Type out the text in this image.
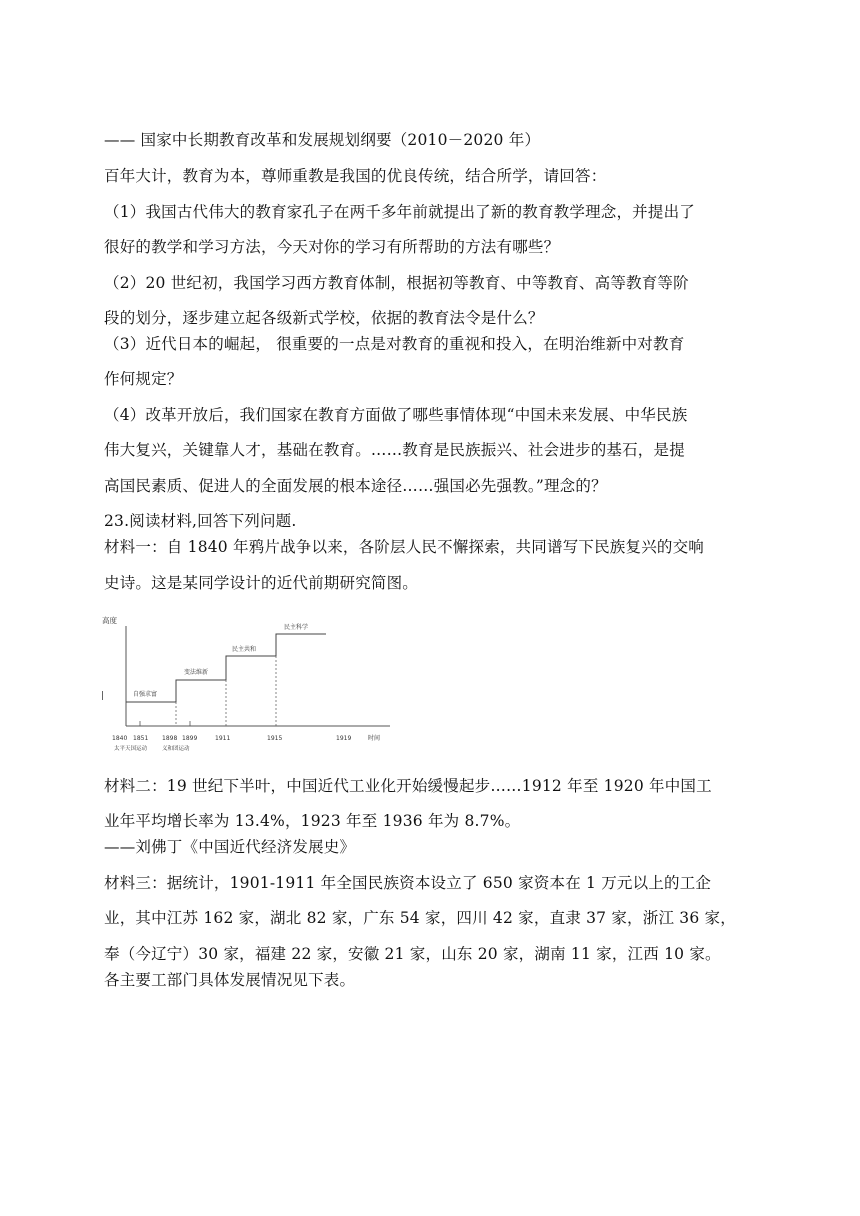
—— 国家中长期教育改革和发展规划纲要（2010－2020 年）
百年大计，教育为本，尊师重教是我国的优良传统，结合所学，请回答：
（1）我国古代伟大的教育家孔子在两千多年前就提出了新的教育教学理念，并提出了
很好的教学和学习方法，今天对你的学习有所帮助的方法有哪些？
（2）20 世纪初，我国学习西方教育体制，根据初等教育、中等教育、高等教育等阶
段的划分，逐步建立起各级新式学校，依据的教育法令是什么？
（3）近代日本的崛起， 很重要的一点是对教育的重视和投入，在明治维新中对教育
作何规定？
（4）改革开放后，我们国家在教育方面做了哪些事情体现“中国未来发展、中华民族
伟大复兴，关键靠人才，基础在教育。……教育是民族振兴、社会进步的基石，是提
高国民素质、促进人的全面发展的根本途径……强国必先强教。”理念的？
23.阅读材料,回答下列问题.
材料一：自 1840 年鸦片战争以来，各阶层人民不懈探索，共同谱写下民族复兴的交响
史诗。这是某同学设计的近代前期研究简图。
高度
时间
|	自强求富
变法维新
民主共和
民主科学
1840 1851 1898 1899	1911	1915	1919
太平天国运动	义和团运动
材料二：19 世纪下半叶，中国近代工业化开始缓慢起步……1912 年至 1920 年中国工
业年平均增长率为 13.4%，1923 年至 1936 年为 8.7%。
——刘佛丁《中国近代经济发展史》
材料三：据统计，1901-1911 年全国民族资本设立了 650 家资本在 1 万元以上的工企
业，其中江苏 162 家，湖北 82 家，广东 54 家，四川 42 家，直隶 37 家，浙江 36 家，
奉（今辽宁）30 家，福建 22 家，安徽 21 家，山东 20 家，湖南 11 家，江西 10 家。
各主要工部门具体发展情况见下表。
